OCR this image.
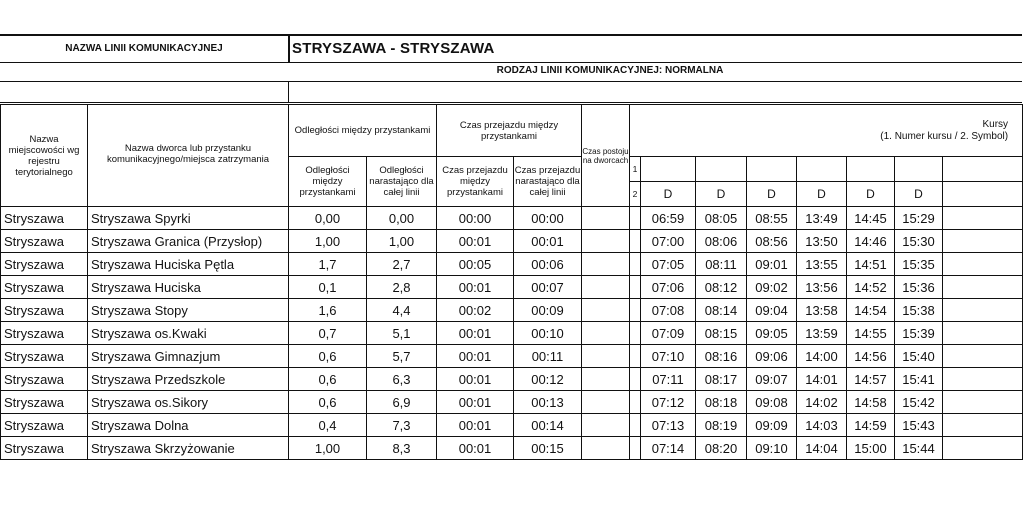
NAZWA LINII KOMUNIKACYJNEJ	STRYSZAWA - STRYSZAWA
RODZAJ LINII KOMUNIKACYJNEJ: NORMALNA
Nazwa miejscowości wg rejestru terytorialnego	Nazwa dworca lub przystanku komunikacyjnego/miejsca zatrzymania	Odległości między przystankami		Czas przejazdu między przystankami		Czas postoju na dworcach	Kursy
(1. Numer kursu / 2. Symbol)							

		Odległości między przystankami	Odległości narastająco dla całej linii	Czas przejazdu między przystankami	Czas przejazdu narastająco dla całej linii		1							
							2	D	D	D	D	D	D	

Stryszawa	Stryszawa Spyrki	0,00	0,00	00:00	00:00			06:59	08:05	08:55	13:49	14:45	15:29	
Stryszawa	Stryszawa Granica (Przysłop)	1,00	1,00	00:01	00:01			07:00	08:06	08:56	13:50	14:46	15:30	
Stryszawa	Stryszawa Huciska Pętla	1,7	2,7	00:05	00:06			07:05	08:11	09:01	13:55	14:51	15:35	
Stryszawa	Stryszawa Huciska	0,1	2,8	00:01	00:07			07:06	08:12	09:02	13:56	14:52	15:36	
Stryszawa	Stryszawa Stopy	1,6	4,4	00:02	00:09			07:08	08:14	09:04	13:58	14:54	15:38	
Stryszawa	Stryszawa os.Kwaki	0,7	5,1	00:01	00:10			07:09	08:15	09:05	13:59	14:55	15:39	
Stryszawa	Stryszawa Gimnazjum	0,6	5,7	00:01	00:11			07:10	08:16	09:06	14:00	14:56	15:40	
Stryszawa	Stryszawa Przedszkole	0,6	6,3	00:01	00:12			07:11	08:17	09:07	14:01	14:57	15:41	
Stryszawa	Stryszawa os.Sikory	0,6	6,9	00:01	00:13			07:12	08:18	09:08	14:02	14:58	15:42	
Stryszawa	Stryszawa Dolna	0,4	7,3	00:01	00:14			07:13	08:19	09:09	14:03	14:59	15:43	
Stryszawa	Stryszawa Skrzyżowanie	1,00	8,3	00:01	00:15			07:14	08:20	09:10	14:04	15:00	15:44	
